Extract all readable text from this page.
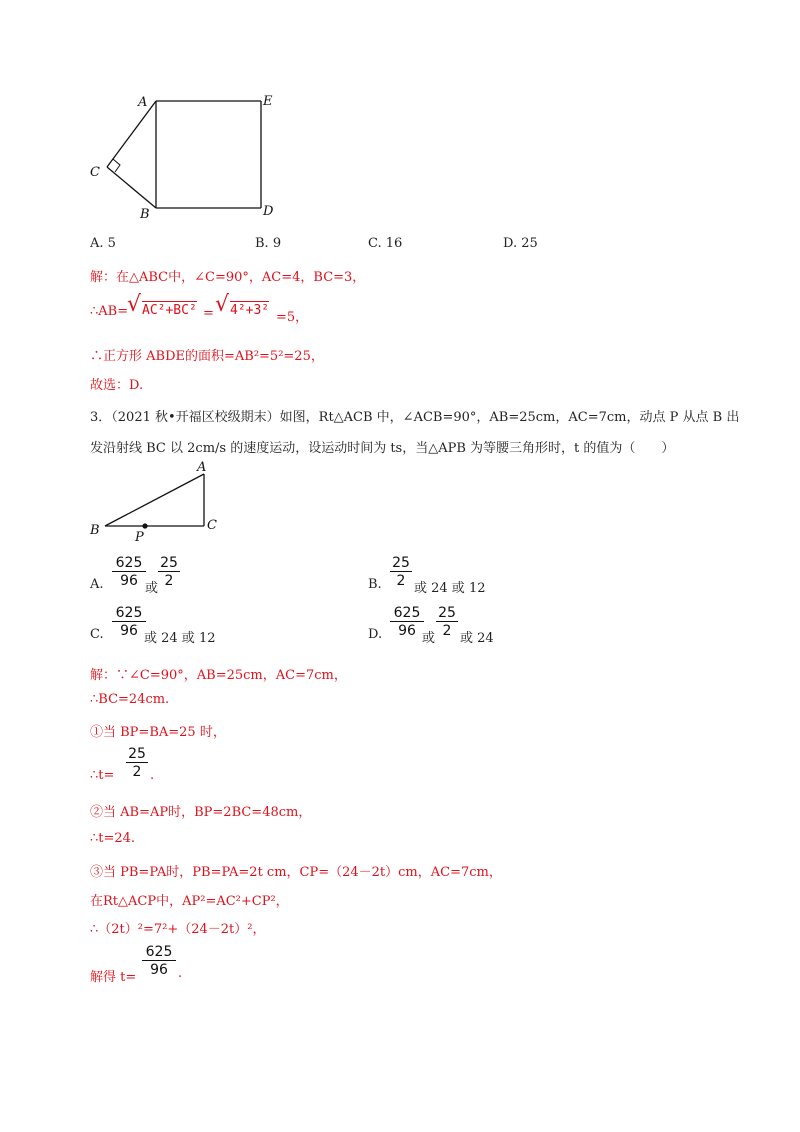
A	E
C
B	D
A. 5	B. 9	C. 16	D. 25
解：在△ABC中，∠C=90°，AC=4，BC=3，
∴AB=
√ AC²+BC² = √ 4²+3² =5，
∴正方形 ABDE的面积=AB²=5²=25，
故选：D.
3．（2021 秋•开福区校级期末）如图，Rt△ACB 中，∠ACB=90°，AB=25cm，AC=7cm，动点 P 从点 B 出
发沿射线 BC 以 2cm/s 的速度运动，设运动时间为 ts，当△APB 为等腰三角形时，t 的值为（　　）
A
B	C
P
A.
625
96 或
25
2	B.
25
2 或 24 或 12
C.
625
96 或 24 或 12	D.
625
96 或
25
2 或 24
解：∵∠C=90°，AB=25cm，AC=7cm，
∴BC=24cm.
①当 BP=BA=25 时，
∴t=
25
2 .
②当 AB=AP时，BP=2BC=48cm，
∴t=24.
③当 PB=PA时，PB=PA=2t cm，CP=（24－2t）cm，AC=7cm，
在Rt△ACP中，AP²=AC²+CP²，
∴（2t）²=7²+（24－2t）²，
解得 t=
625
96 .
